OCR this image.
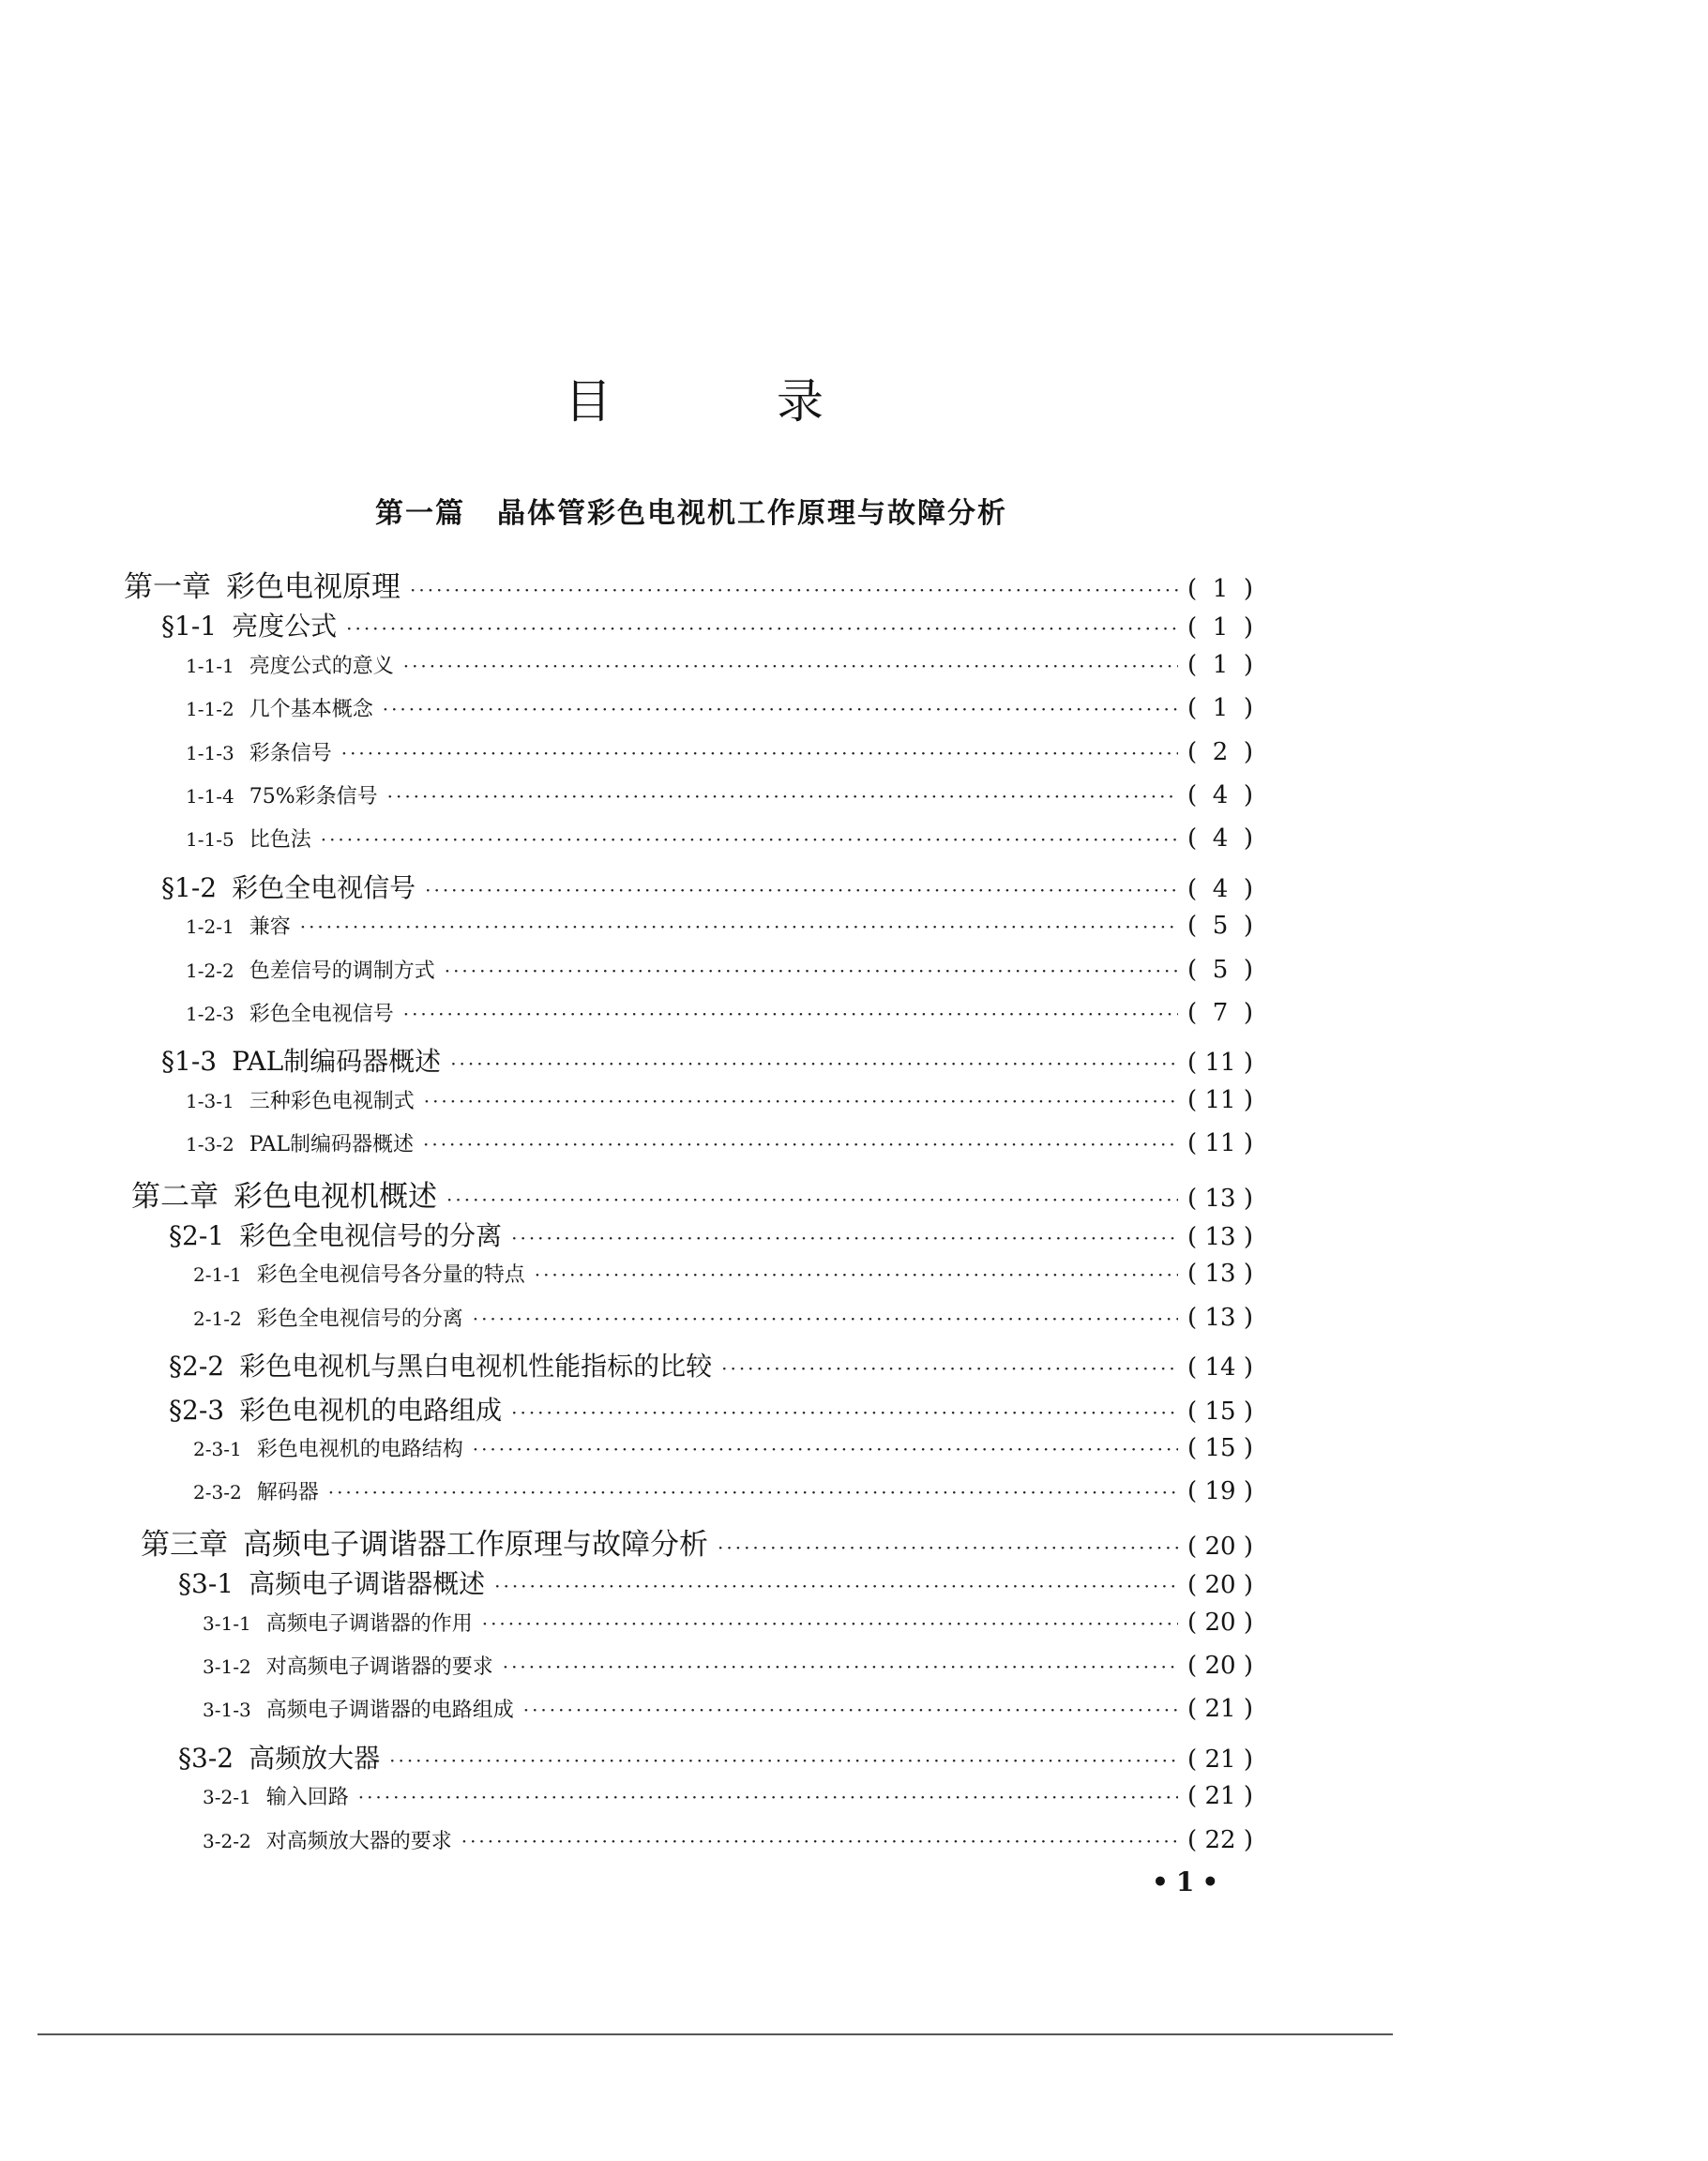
目 录
第一篇 晶体管彩色电视机工作原理与故障分析
第一章 彩色电视原理 ·····	( 1 )
§1-1 亮度公式 ·····	( 1 )
1-1-1 亮度公式的意义 ·····	( 1 )
1-1-2 几个基本概念 ·····	( 1 )
1-1-3 彩条信号 ·····	( 2 )
1-1-4 75%彩条信号 ·····	( 4 )
1-1-5 比色法 ·····	( 4 )
§1-2 彩色全电视信号 ·····	( 4 )
1-2-1 兼容 ·····	( 5 )
1-2-2 色差信号的调制方式 ·····	( 5 )
1-2-3 彩色全电视信号 ·····	( 7 )
§1-3 PAL制编码器概述 ·····	( 11 )
1-3-1 三种彩色电视制式 ·····	( 11 )
1-3-2 PAL制编码器概述 ·····	( 11 )
第二章 彩色电视机概述 ·····	( 13 )
§2-1 彩色全电视信号的分离 ·····	( 13 )
2-1-1 彩色全电视信号各分量的特点 ·····	( 13 )
2-1-2 彩色全电视信号的分离 ·····	( 13 )
§2-2 彩色电视机与黑白电视机性能指标的比较 ·····	( 14 )
§2-3 彩色电视机的电路组成 ·····	( 15 )
2-3-1 彩色电视机的电路结构 ·····	( 15 )
2-3-2 解码器 ·····	( 19 )
第三章 高频电子调谐器工作原理与故障分析 ·····	( 20 )
§3-1 高频电子调谐器概述 ·····	( 20 )
3-1-1 高频电子调谐器的作用 ·····	( 20 )
3-1-2 对高频电子调谐器的要求 ·····	( 20 )
3-1-3 高频电子调谐器的电路组成 ·····	( 21 )
§3-2 高频放大器 ·····	( 21 )
3-2-1 输入回路 ·····	( 21 )
3-2-2 对高频放大器的要求 ·····	( 22 )
•1•
